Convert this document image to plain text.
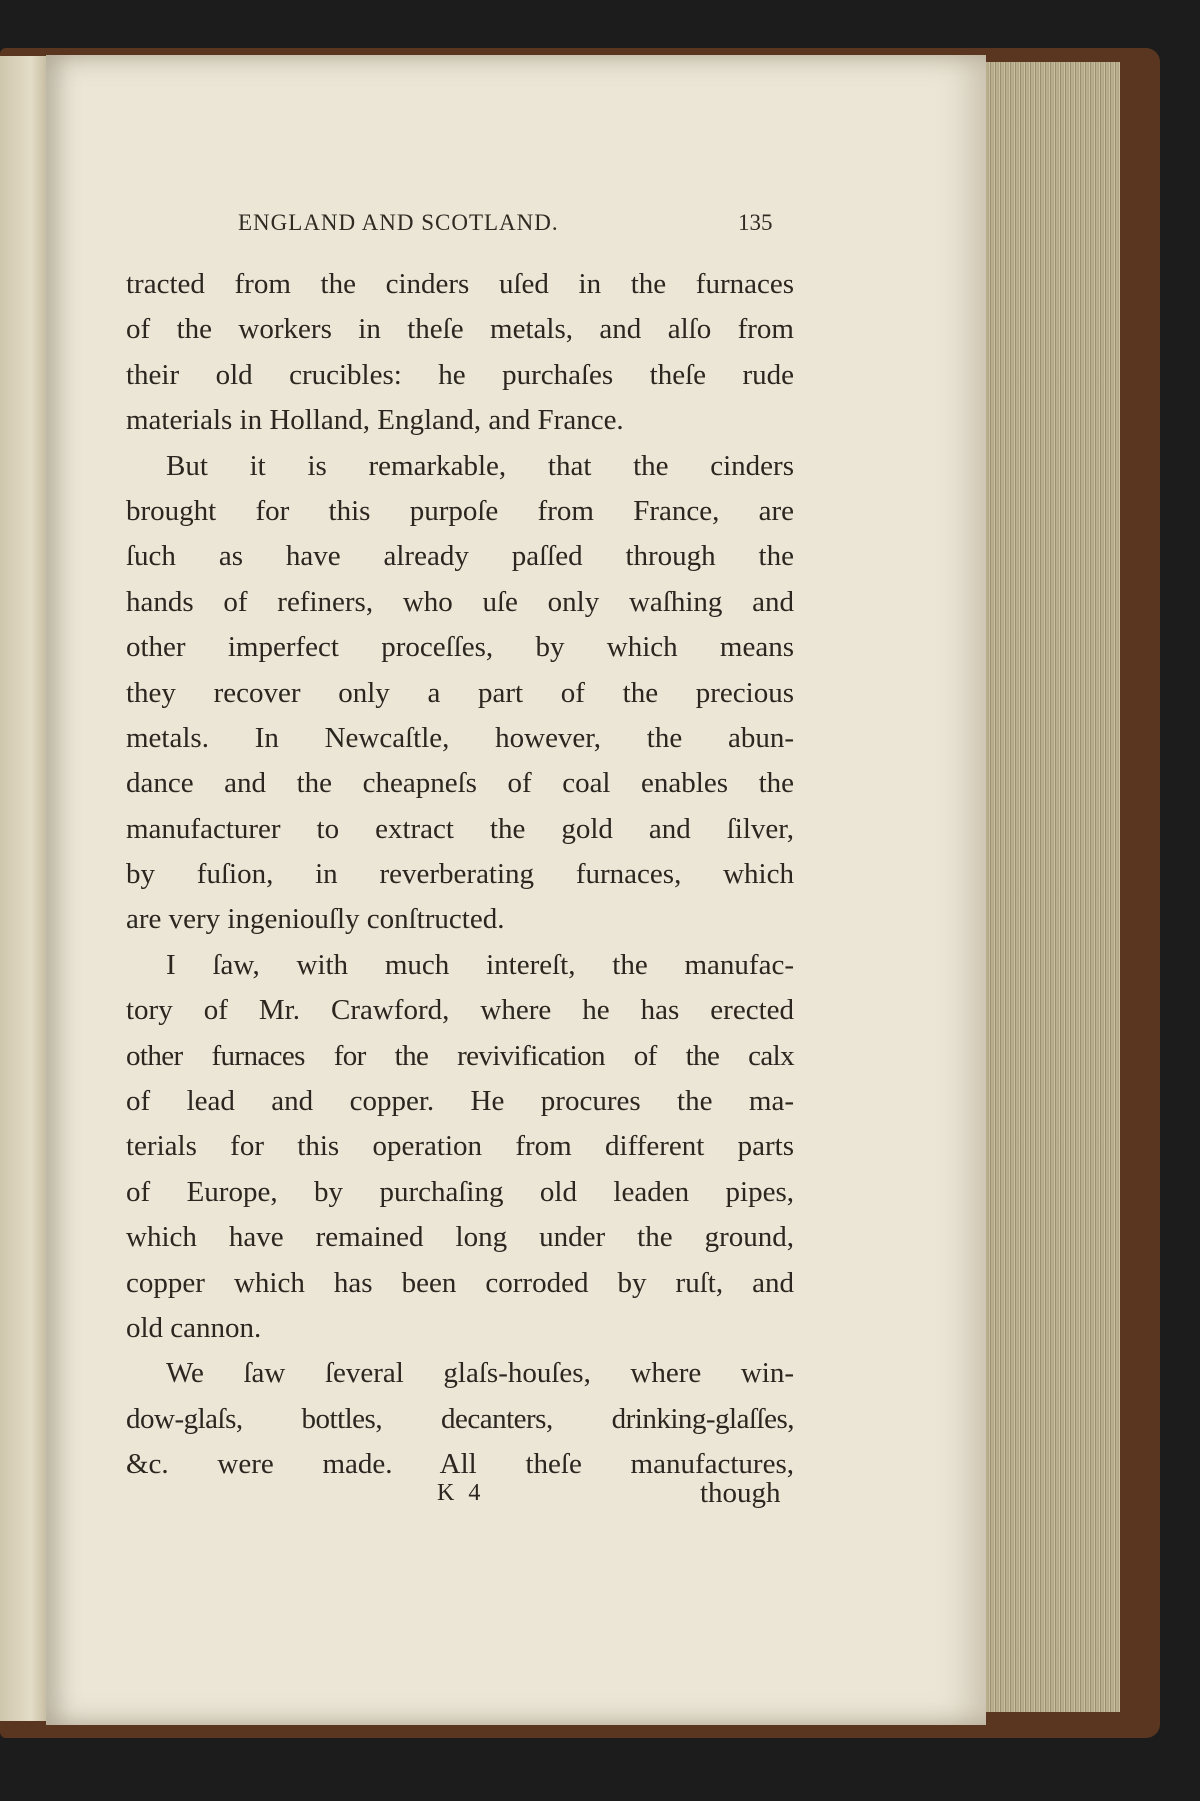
ENGLAND AND SCOTLAND.	135
tracted from the cinders uſed in the furnaces
of the workers in theſe metals, and alſo from
their old crucibles: he purchaſes theſe rude
materials in Holland, England, and France.
But it is remarkable, that the cinders
brought for this purpoſe from France, are
ſuch as have already paſſed through the
hands of refiners, who uſe only waſhing and
other imperfect proceſſes, by which means
they recover only a part of the precious
metals. In Newcaſtle, however, the abun-
dance and the cheapneſs of coal enables the
manufacturer to extract the gold and ſilver,
by fuſion, in reverberating furnaces, which
are very ingeniouſly conſtructed.
I ſaw, with much intereſt, the manufac-
tory of Mr. Crawford, where he has erected
other furnaces for the revivification of the calx
of lead and copper. He procures the ma-
terials for this operation from different parts
of Europe, by purchaſing old leaden pipes,
which have remained long under the ground,
copper which has been corroded by ruſt, and
old cannon.
We ſaw ſeveral glaſs-houſes, where win-
dow-glaſs, bottles, decanters, drinking-glaſſes,
&c. were made. All theſe manufactures,
K 4	though
